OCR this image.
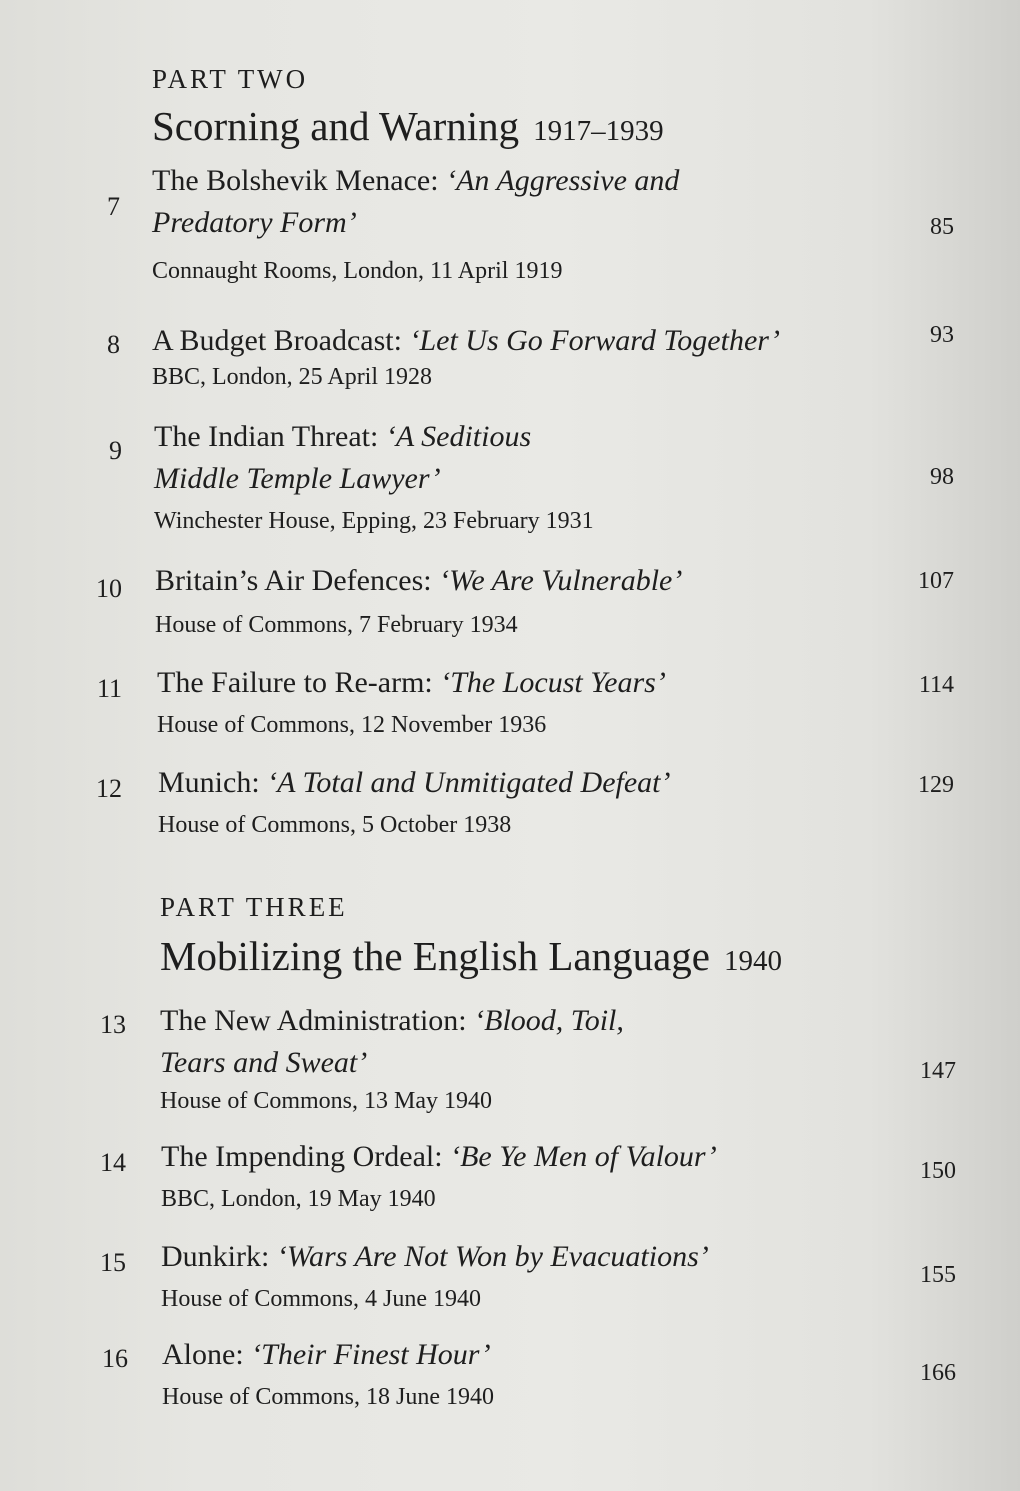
PART TWO
Scorning and Warning 1917–1939
7
The Bolshevik Menace: ‘An Aggressive and
Predatory Form’
Connaught Rooms, London, 11 April 1919
85
8 A Budget Broadcast: ‘Let Us Go Forward Together’
BBC, London, 25 April 1928
93
9 The Indian Threat: ‘A Seditious
Middle Temple Lawyer’
Winchester House, Epping, 23 February 1931
98
10 Britain’s Air Defences: ‘We Are Vulnerable’
House of Commons, 7 February 1934
107
11 The Failure to Re-arm: ‘The Locust Years’
House of Commons, 12 November 1936
114
12 Munich: ‘A Total and Unmitigated Defeat’
House of Commons, 5 October 1938
129
PART THREE
Mobilizing the English Language 1940
13 The New Administration: ‘Blood, Toil,
Tears and Sweat’
House of Commons, 13 May 1940
147
14 The Impending Ordeal: ‘Be Ye Men of Valour’
BBC, London, 19 May 1940
150
15 Dunkirk: ‘Wars Are Not Won by Evacuations’
House of Commons, 4 June 1940
155
16 Alone: ‘Their Finest Hour’
House of Commons, 18 June 1940
166
